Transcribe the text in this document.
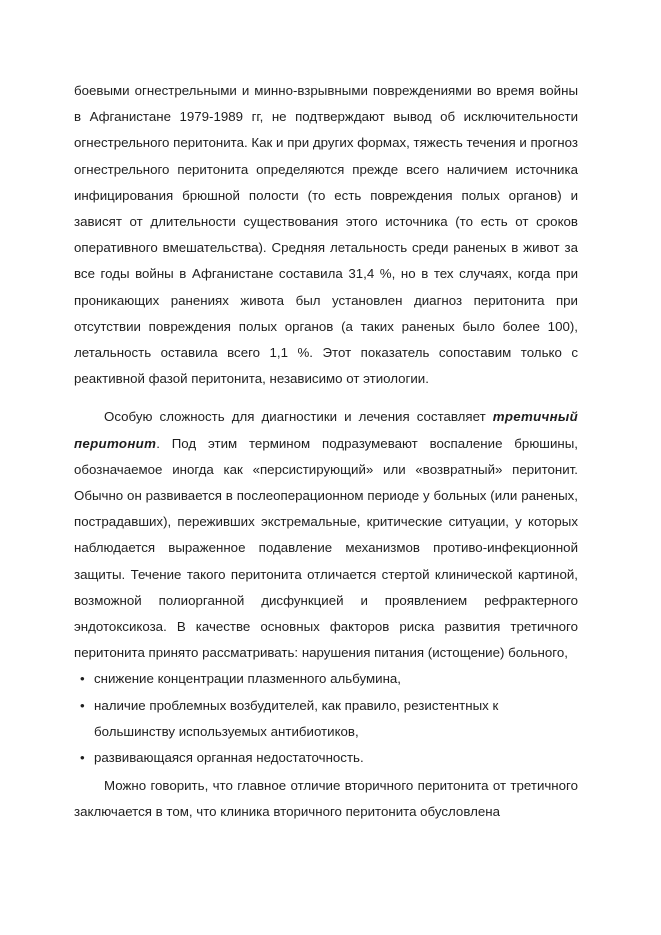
боевыми огнестрельными и минно-взрывными повреждениями во время войны в Афганистане 1979-1989 гг, не подтверждают вывод об исключительности огнестрельного перитонита. Как и при других формах, тяжесть течения и прогноз огнестрельного перитонита определяются прежде всего наличием источника инфицирования брюшной полости (то есть повреждения полых органов) и зависят от длительности существования этого источника (то есть от сроков оперативного вмешательства). Средняя летальность среди раненых в живот за все годы войны в Афганистане составила 31,4 %, но в тех случаях, когда при проникающих ранениях живота был установлен диагноз перитонита при отсутствии повреждения полых органов (а таких раненых было более 100), летальность оставила всего 1,1 %. Этот показатель сопоставим только с реактивной фазой перитонита, независимо от этиологии.

Особую сложность для диагностики и лечения составляет третичный перитонит. Под этим термином подразумевают воспаление брюшины, обозначаемое иногда как «персистирующий» или «возвратный» перитонит. Обычно он развивается в послеоперационном периоде у больных (или раненых, пострадавших), переживших экстремальные, критические ситуации, у которых наблюдается выраженное подавление механизмов противо-инфекционной защиты. Течение такого перитонита отличается стертой клинической картиной, возможной полиорганной дисфункцией и проявлением рефрактерного эндотоксикоза. В качестве основных факторов риска развития третичного перитонита принято рассматривать: нарушения питания (истощение) больного,

• снижение концентрации плазменного альбумина,
• наличие проблемных возбудителей, как правило, резистентных к большинству используемых антибиотиков,
• развивающаяся органная недостаточность.

Можно говорить, что главное отличие вторичного перитонита от третичного заключается в том, что клиника вторичного перитонита обусловлена
